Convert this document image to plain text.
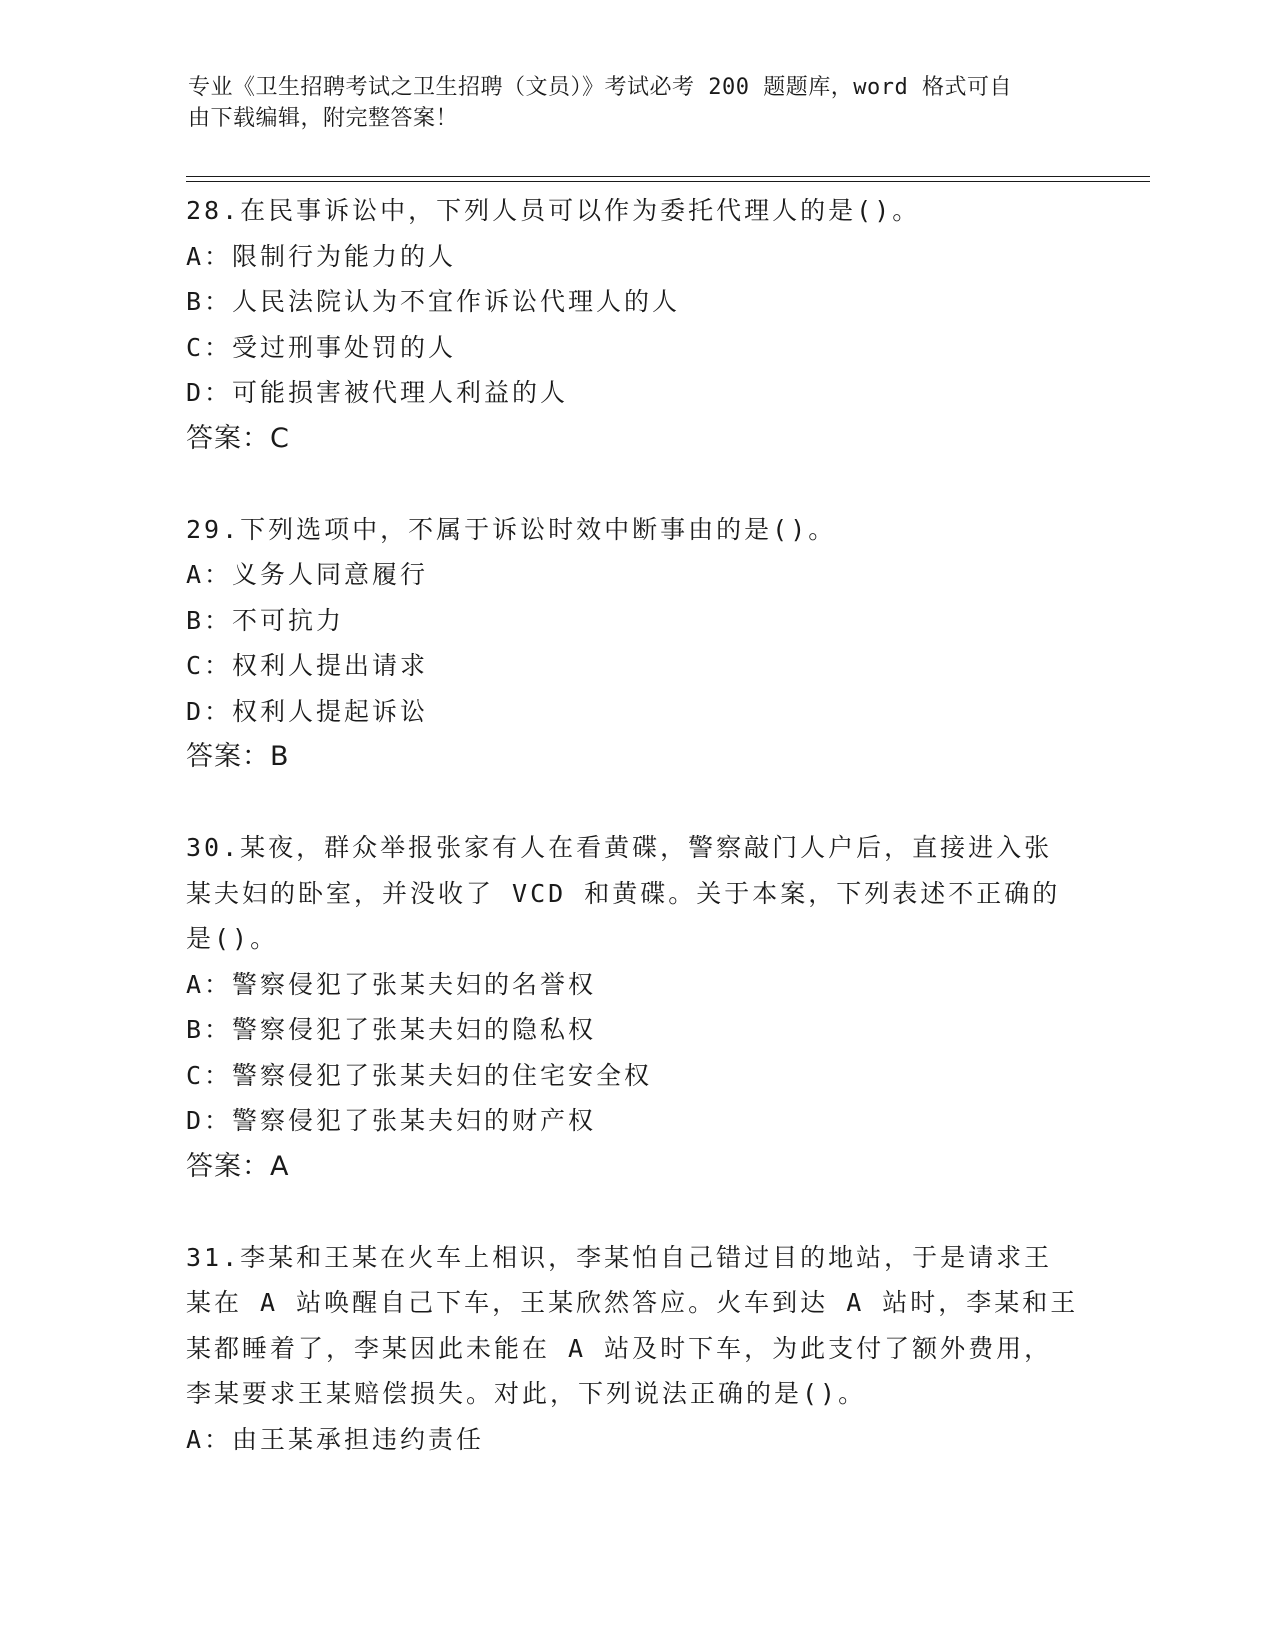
专业《卫生招聘考试之卫生招聘（文员）》考试必考 200 题题库，word 格式可自
由下载编辑，附完整答案！
28.在民事诉讼中，下列人员可以作为委托代理人的是()。
A：限制行为能力的人
B：人民法院认为不宜作诉讼代理人的人
C：受过刑事处罚的人
D：可能损害被代理人利益的人
答案：C
29.下列选项中，不属于诉讼时效中断事由的是()。
A：义务人同意履行
B：不可抗力
C：权利人提出请求
D：权利人提起诉讼
答案：B
30.某夜，群众举报张家有人在看黄碟，警察敲门人户后，直接进入张
某夫妇的卧室，并没收了 VCD 和黄碟。关于本案，下列表述不正确的
是()。
A：警察侵犯了张某夫妇的名誉权
B：警察侵犯了张某夫妇的隐私权
C：警察侵犯了张某夫妇的住宅安全权
D：警察侵犯了张某夫妇的财产权
答案：A
31.李某和王某在火车上相识，李某怕自己错过目的地站，于是请求王
某在 A 站唤醒自己下车，王某欣然答应。火车到达 A 站时，李某和王
某都睡着了，李某因此未能在 A 站及时下车，为此支付了额外费用，
李某要求王某赔偿损失。对此，下列说法正确的是()。
A：由王某承担违约责任
